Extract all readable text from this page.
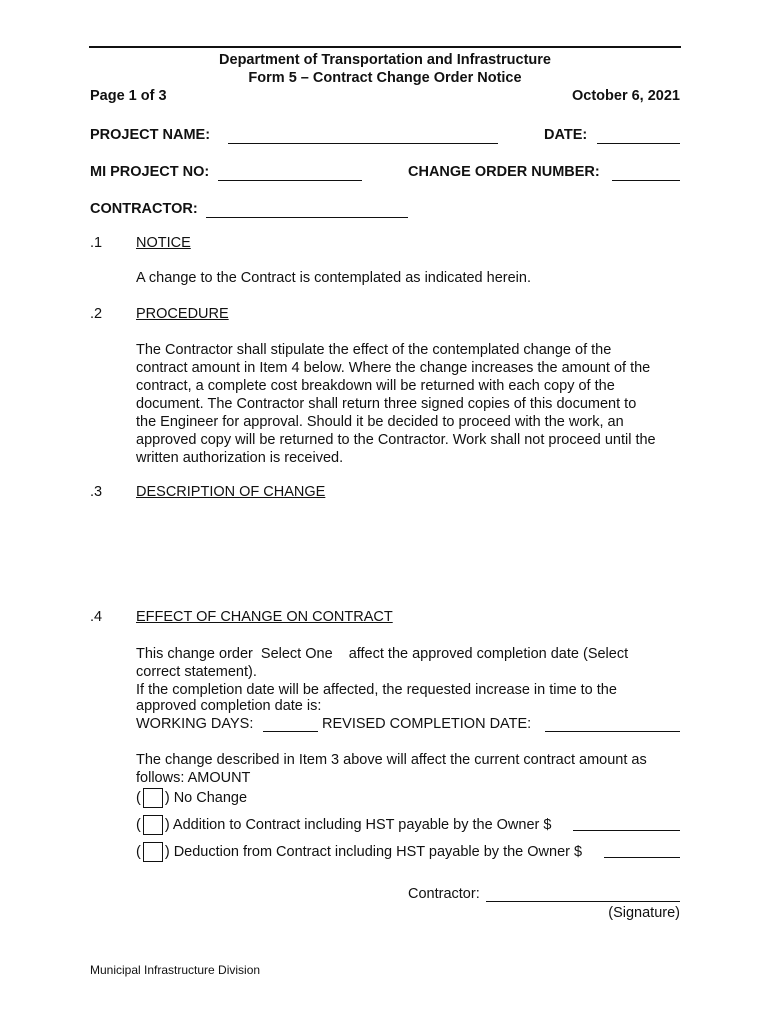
Department of Transportation and Infrastructure
Form 5 – Contract Change Order Notice
Page 1 of 3	October 6, 2021
PROJECT NAME:	DATE:
MI PROJECT NO:	CHANGE ORDER NUMBER:
CONTRACTOR:
.1 NOTICE
A change to the Contract is contemplated as indicated herein.
.2 PROCEDURE
The Contractor shall stipulate the effect of the contemplated change of the
contract amount in Item 4 below. Where the change increases the amount of the
contract, a complete cost breakdown will be returned with each copy of the
document. The Contractor shall return three signed copies of this document to
the Engineer for approval. Should it be decided to proceed with the work, an
approved copy will be returned to the Contractor. Work shall not proceed until the
written authorization is received.
.3 DESCRIPTION OF CHANGE
.4 EFFECT OF CHANGE ON CONTRACT
This change order Select One affect the approved completion date (Select
correct statement).
If the completion date will be affected, the requested increase in time to the
approved completion date is:
WORKING DAYS:	REVISED COMPLETION DATE:
The change described in Item 3 above will affect the current contract amount as
follows: AMOUNT
( ) No Change
( ) Addition to Contract including HST payable by the Owner $
( ) Deduction from Contract including HST payable by the Owner $
Contractor:
(Signature)
Municipal Infrastructure Division
